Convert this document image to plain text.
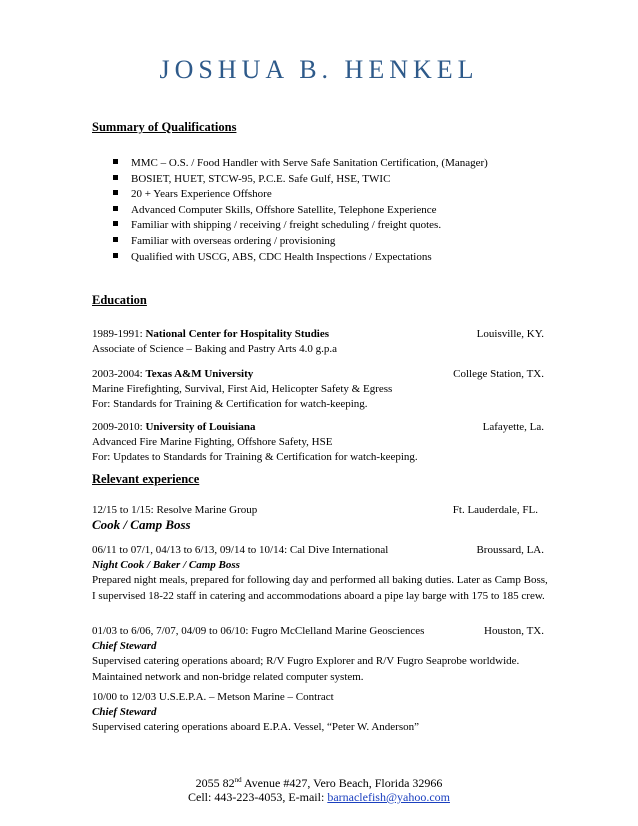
JOSHUA B. HENKEL
Summary of Qualifications
MMC – O.S. / Food Handler with Serve Safe Sanitation Certification, (Manager)
BOSIET, HUET, STCW-95, P.C.E. Safe Gulf, HSE, TWIC
20 + Years Experience Offshore
Advanced Computer Skills, Offshore Satellite, Telephone Experience
Familiar with shipping / receiving / freight scheduling / freight quotes.
Familiar with overseas ordering / provisioning
Qualified with USCG, ABS, CDC Health Inspections / Expectations
Education
1989-1991: National Center for Hospitality Studies	Louisville, KY.
Associate of Science – Baking and Pastry Arts 4.0 g.p.a
2003-2004: Texas A&M University	College Station, TX.
Marine Firefighting, Survival, First Aid, Helicopter Safety & Egress
For: Standards for Training & Certification for watch-keeping.
2009-2010: University of Louisiana	Lafayette, La.
Advanced Fire Marine Fighting, Offshore Safety, HSE
For: Updates to Standards for Training & Certification for watch-keeping.
Relevant experience
12/15 to 1/15: Resolve Marine Group	Ft. Lauderdale, FL.
Cook / Camp Boss
06/11 to 07/1, 04/13 to 6/13, 09/14 to 10/14: Cal Dive International	Broussard, LA.
Night Cook / Baker / Camp Boss
Prepared night meals, prepared for following day and performed all baking duties. Later as Camp Boss, I supervised 18-22 staff in catering and accommodations aboard a pipe lay barge with 175 to 185 crew.
01/03 to 6/06, 7/07, 04/09 to 06/10: Fugro McClelland Marine Geosciences	Houston, TX.
Chief Steward
Supervised catering operations aboard; R/V Fugro Explorer and R/V Fugro Seaprobe worldwide. Maintained network and non-bridge related computer system.
10/00 to 12/03 U.S.E.P.A. – Metson Marine – Contract
Chief Steward
Supervised catering operations aboard E.P.A. Vessel, “Peter W. Anderson”
2055 82nd Avenue #427, Vero Beach, Florida 32966
Cell: 443-223-4053, E-mail: barnaclefish@yahoo.com
